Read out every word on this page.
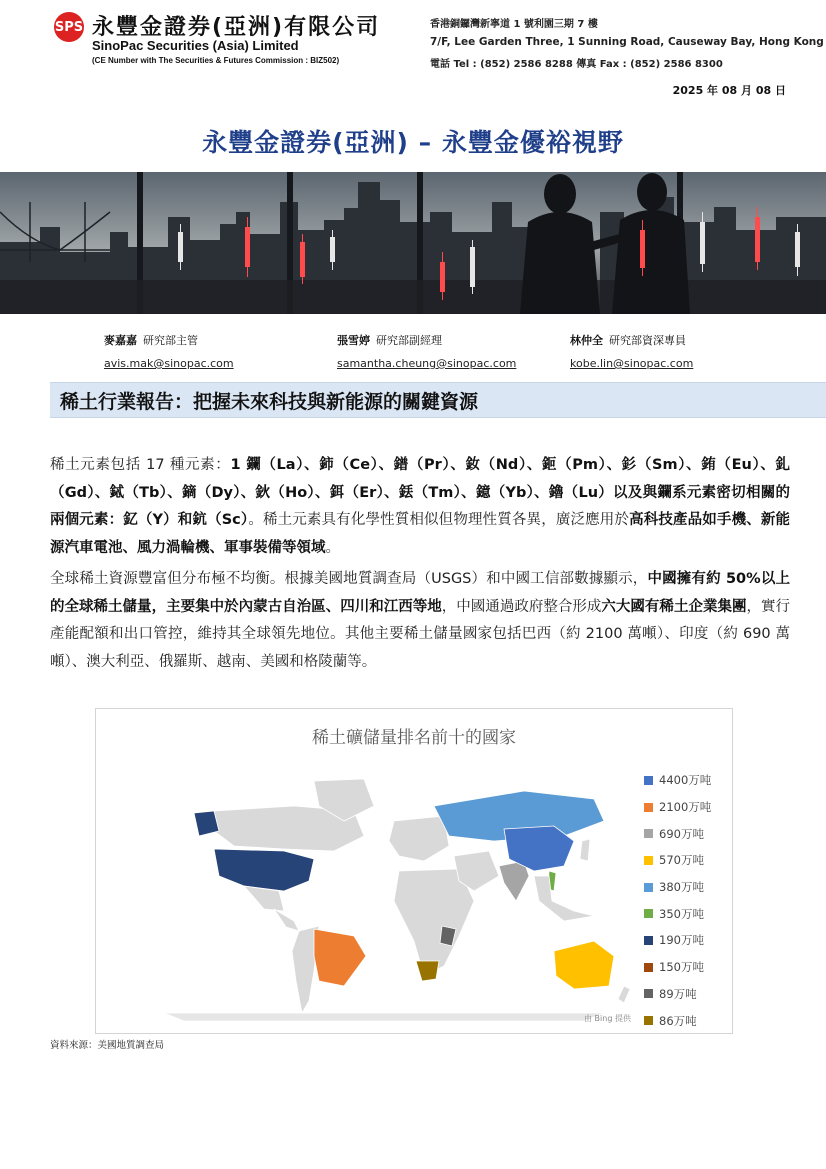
SPS 永豐金證券(亞洲)有限公司
SinoPac Securities (Asia) Limited
(CE Number with The Securities & Futures Commission : BIZ502)
香港銅鑼灣新寧道 1 號利園三期 7 樓
7/F, Lee Garden Three, 1 Sunning Road, Causeway Bay, Hong Kong
電話 Tel : (852) 2586 8288 傳真 Fax : (852) 2586 8300
2025 年 08 月 08 日
永豐金證券(亞洲) – 永豐金優裕視野
麥嘉嘉 研究部主管
avis.mak@sinopac.com
張雪婷 研究部副經理
samantha.cheung@sinopac.com
林仲全 研究部資深專員
kobe.lin@sinopac.com
稀土行業報告：把握未來科技與新能源的關鍵資源
稀土元素包括 17 種元素：1 鑭（La）、鈰（Ce）、鐠（Pr）、釹（Nd）、鉕（Pm）、釤（Sm）、銪（Eu）、釓（Gd）、鋱（Tb）、鏑（Dy）、鈥（Ho）、鉺（Er）、銩（Tm）、鐿（Yb）、鑥（Lu）以及與鑭系元素密切相關的兩個元素：釔（Y）和鈧（Sc）。稀土元素具有化學性質相似但物理性質各異，廣泛應用於高科技產品如手機、新能源汽車電池、風力渦輪機、軍事裝備等領域。
全球稀土資源豐富但分布極不均衡。根據美國地質調查局（USGS）和中國工信部數據顯示，中國擁有約 50%以上的全球稀土儲量，主要集中於內蒙古自治區、四川和江西等地，中國通過政府整合形成六大國有稀土企業集團，實行產能配額和出口管控，維持其全球領先地位。其他主要稀土儲量國家包括巴西（約 2100 萬噸）、印度（約 690 萬噸）、澳大利亞、俄羅斯、越南、美國和格陵蘭等。
稀土礦儲量排名前十的國家
4400万吨
2100万吨
690万吨
570万吨
380万吨
350万吨
190万吨
150万吨
89万吨
86万吨
由 Bing 提供
資料來源：美國地質調查局
